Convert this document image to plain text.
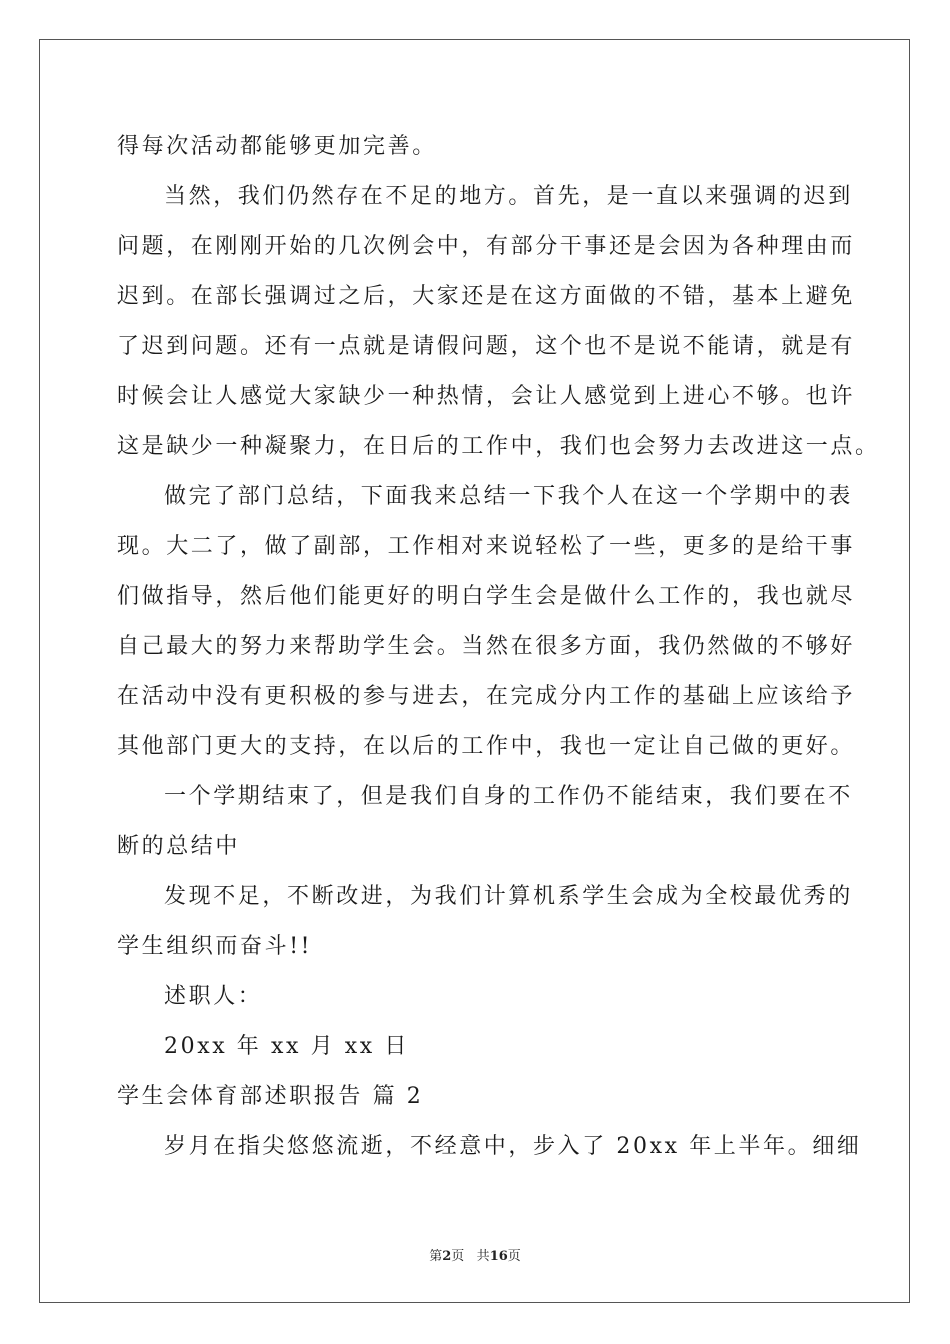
得每次活动都能够更加完善。
当然，我们仍然存在不足的地方。首先，是一直以来强调的迟到
问题，在刚刚开始的几次例会中，有部分干事还是会因为各种理由而
迟到。在部长强调过之后，大家还是在这方面做的不错，基本上避免
了迟到问题。还有一点就是请假问题，这个也不是说不能请，就是有
时候会让人感觉大家缺少一种热情，会让人感觉到上进心不够。也许
这是缺少一种凝聚力，在日后的工作中，我们也会努力去改进这一点。
做完了部门总结，下面我来总结一下我个人在这一个学期中的表
现。大二了，做了副部，工作相对来说轻松了一些，更多的是给干事
们做指导，然后他们能更好的明白学生会是做什么工作的，我也就尽
自己最大的努力来帮助学生会。当然在很多方面，我仍然做的不够好
在活动中没有更积极的参与进去，在完成分内工作的基础上应该给予
其他部门更大的支持，在以后的工作中，我也一定让自己做的更好。
一个学期结束了，但是我们自身的工作仍不能结束，我们要在不
断的总结中
发现不足，不断改进，为我们计算机系学生会成为全校最优秀的
学生组织而奋斗!!
述职人：
20xx 年 xx 月 xx 日
学生会体育部述职报告 篇 2
岁月在指尖悠悠流逝，不经意中，步入了 20xx 年上半年。细细
第2页 共16页
